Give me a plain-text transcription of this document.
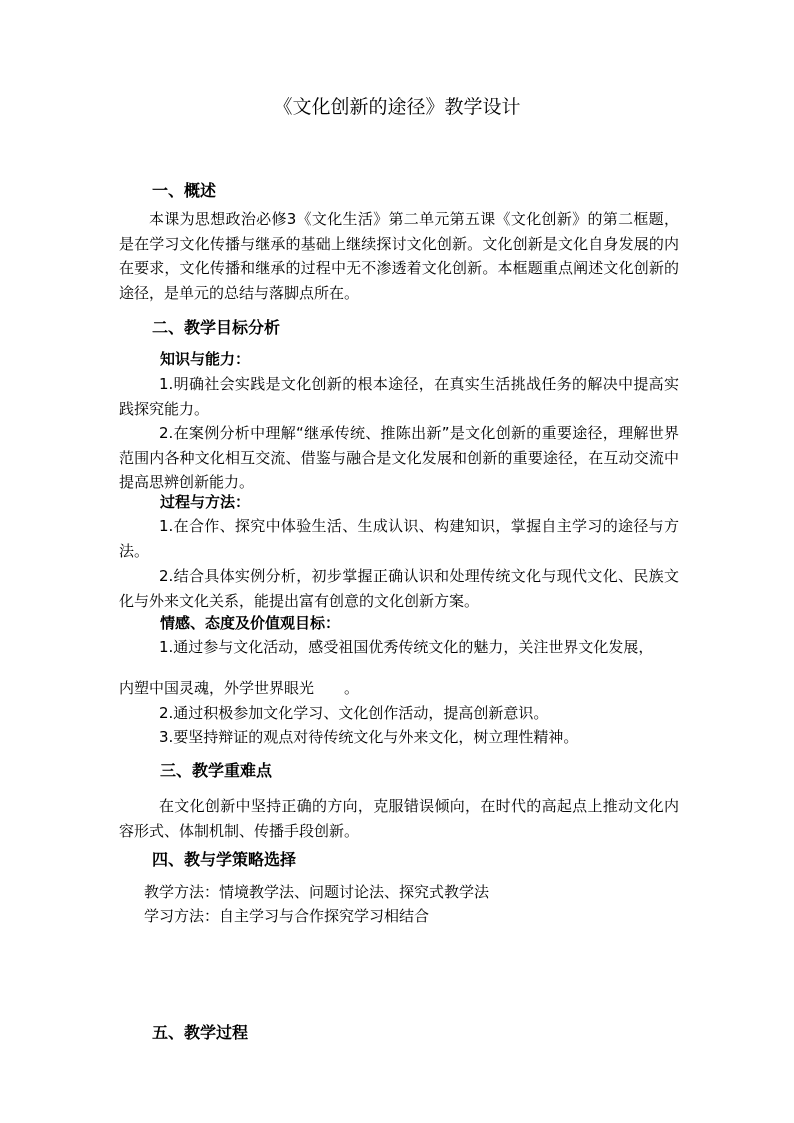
《文化创新的途径》教学设计
一、概述

本课为思想政治必修3《文化生活》第二单元第五课《文化创新》的第二框题，是在学习文化传播与继承的基础上继续探讨文化创新。文化创新是文化自身发展的内在要求，文化传播和继承的过程中无不渗透着文化创新。本框题重点阐述文化创新的途径，是单元的总结与落脚点所在。

二、教学目标分析
知识与能力：

1.明确社会实践是文化创新的根本途径，在真实生活挑战任务的解决中提高实践探究能力。

2.在案例分析中理解“继承传统、推陈出新”是文化创新的重要途径，理解世界范围内各种文化相互交流、借鉴与融合是文化发展和创新的重要途径，在互动交流中提高思辨创新能力。

过程与方法：

1.在合作、探究中体验生活、生成认识、构建知识，掌握自主学习的途径与方法。

2.结合具体实例分析，初步掌握正确认识和处理传统文化与现代文化、民族文化与外来文化关系，能提出富有创意的文化创新方案。

情感、态度及价值观目标：

1.通过参与文化活动，感受祖国优秀传统文化的魅力，关注世界文化发展，

内塑中国灵魂，外学世界眼光　　。

2.通过积极参加文化学习、文化创作活动，提高创新意识。

3.要坚持辩证的观点对待传统文化与外来文化，树立理性精神。

三、教学重难点

在文化创新中坚持正确的方向，克服错误倾向，在时代的高起点上推动文化内容形式、体制机制、传播手段创新。

四、教与学策略选择

教学方法：情境教学法、问题讨论法、探究式教学法

学习方法：自主学习与合作探究学习相结合

五、教学过程
